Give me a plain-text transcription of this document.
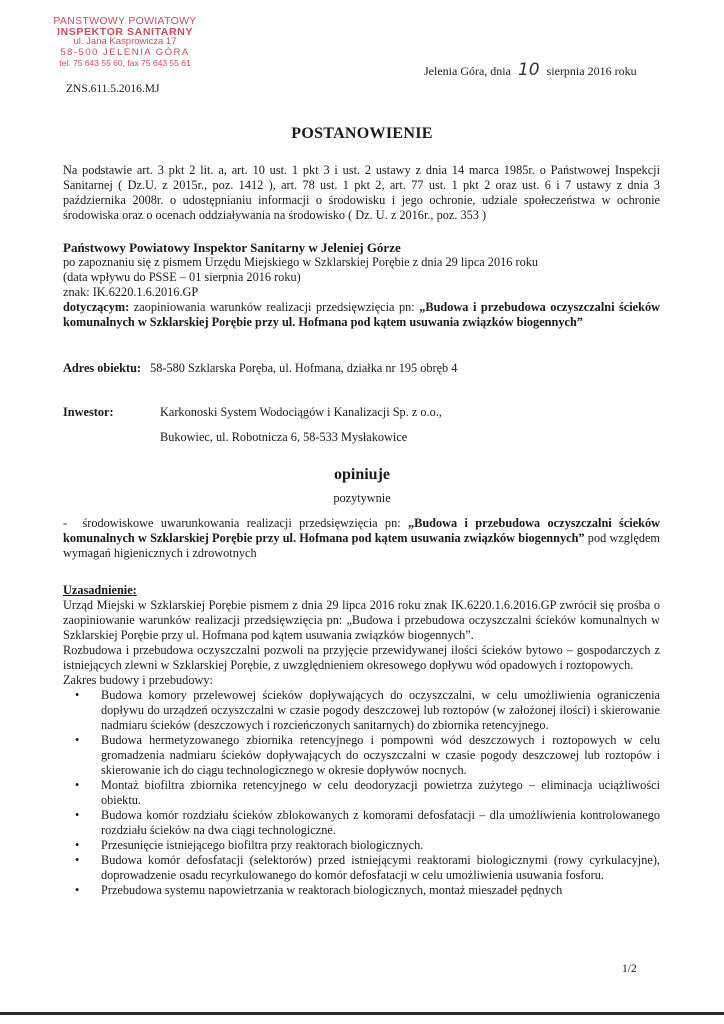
PANSTWOWY POWIATOWY
INSPEKTOR SANITARNY
ul. Jana Kasprowicza 17
58-500 JELENIA GÓRA
tel. 75 643 55 60, fax 75 643 55 61
Jelenia Góra, dnia 10 sierpnia 2016 roku
ZNS.611.5.2016.MJ
POSTANOWIENIE
Na podstawie art. 3 pkt 2 lit. a, art. 10 ust. 1 pkt 3 i ust. 2 ustawy z dnia 14 marca 1985r. o Państwowej Inspekcji Sanitarnej ( Dz.U. z 2015r., poz. 1412 ), art. 78 ust. 1 pkt 2, art. 77 ust. 1 pkt 2 oraz ust. 6 i 7 ustawy z dnia 3 października 2008r. o udostępnianiu informacji o środowisku i jego ochronie, udziale społeczeństwa w ochronie środowiska oraz o ocenach oddziaływania na środowisko ( Dz. U. z 2016r., poz. 353 )
Państwowy Powiatowy Inspektor Sanitarny w Jeleniej Górze
po zapoznaniu się z pismem Urzędu Miejskiego w Szklarskiej Porębie z dnia 29 lipca 2016 roku
(data wpływu do PSSE – 01 sierpnia 2016 roku)
znak: IK.6220.1.6.2016.GP
dotyczącym: zaopiniowania warunków realizacji przedsięwzięcia pn: „Budowa i przebudowa oczyszczalni ścieków komunalnych w Szklarskiej Porębie przy ul. Hofmana pod kątem usuwania związków biogennych”
Adres obiektu: 58-580 Szklarska Poręba, ul. Hofmana, działka nr 195 obręb 4
Inwestor:	Karkonoski System Wodociągów i Kanalizacji Sp. z o.o.,
Bukowiec, ul. Robotnicza 6, 58-533 Mysłakowice
opiniuje
pozytywnie
- środowiskowe uwarunkowania realizacji przedsięwzięcia pn: „Budowa i przebudowa oczyszczalni ścieków komunalnych w Szklarskiej Porębie przy ul. Hofmana pod kątem usuwania związków biogennych” pod względem wymagań higienicznych i zdrowotnych
Uzasadnienie:
Urząd Miejski w Szklarskiej Porębie pismem z dnia 29 lipca 2016 roku znak IK.6220.1.6.2016.GP zwrócił się prośba o zaopiniowanie warunków realizacji przedsięwzięcia pn: „Budowa i przebudowa oczyszczalni ścieków komunalnych w Szklarskiej Porębie przy ul. Hofmana pod kątem usuwania związków biogennych”.
Rozbudowa i przebudowa oczyszczalni pozwoli na przyjęcie przewidywanej ilości ścieków bytowo – gospodarczych z istniejących zlewni w Szklarskiej Porębie, z uwzględnieniem okresowego dopływu wód opadowych i roztopowych.
Zakres budowy i przebudowy:
• Budowa komory przelewowej ścieków dopływających do oczyszczalni, w celu umożliwienia ograniczenia dopływu do urządzeń oczyszczalni w czasie pogody deszczowej lub roztopów (w założonej ilości) i skierowanie nadmiaru ścieków (deszczowych i rozcieńczonych sanitarnych) do zbiornika retencyjnego.
• Budowa hermetyzowanego zbiornika retencyjnego i pompowni wód deszczowych i roztopowych w celu gromadzenia nadmiaru ścieków dopływających do oczyszczalni w czasie pogody deszczowej lub roztopów i skierowanie ich do ciągu technologicznego w okresie dopływów nocnych.
• Montaż biofiltra zbiornika retencyjnego w celu deodoryzacji powietrza zużytego – eliminacja uciążliwości obiektu.
• Budowa komór rozdziału ścieków zblokowanych z komorami defosfatacji – dla umożliwienia kontrolowanego rozdziału ścieków na dwa ciągi technologiczne.
• Przesunięcie istniejącego biofiltra przy reaktorach biologicznych.
• Budowa komór defosfatacji (selektorów) przed istniejącymi reaktorami biologicznymi (rowy cyrkulacyjne), doprowadzenie osadu recyrkulowanego do komór defosfatacji w celu umożliwienia usuwania fosforu.
• Przebudowa systemu napowietrzania w reaktorach biologicznych, montaż mieszadeł pędnych
1/2
